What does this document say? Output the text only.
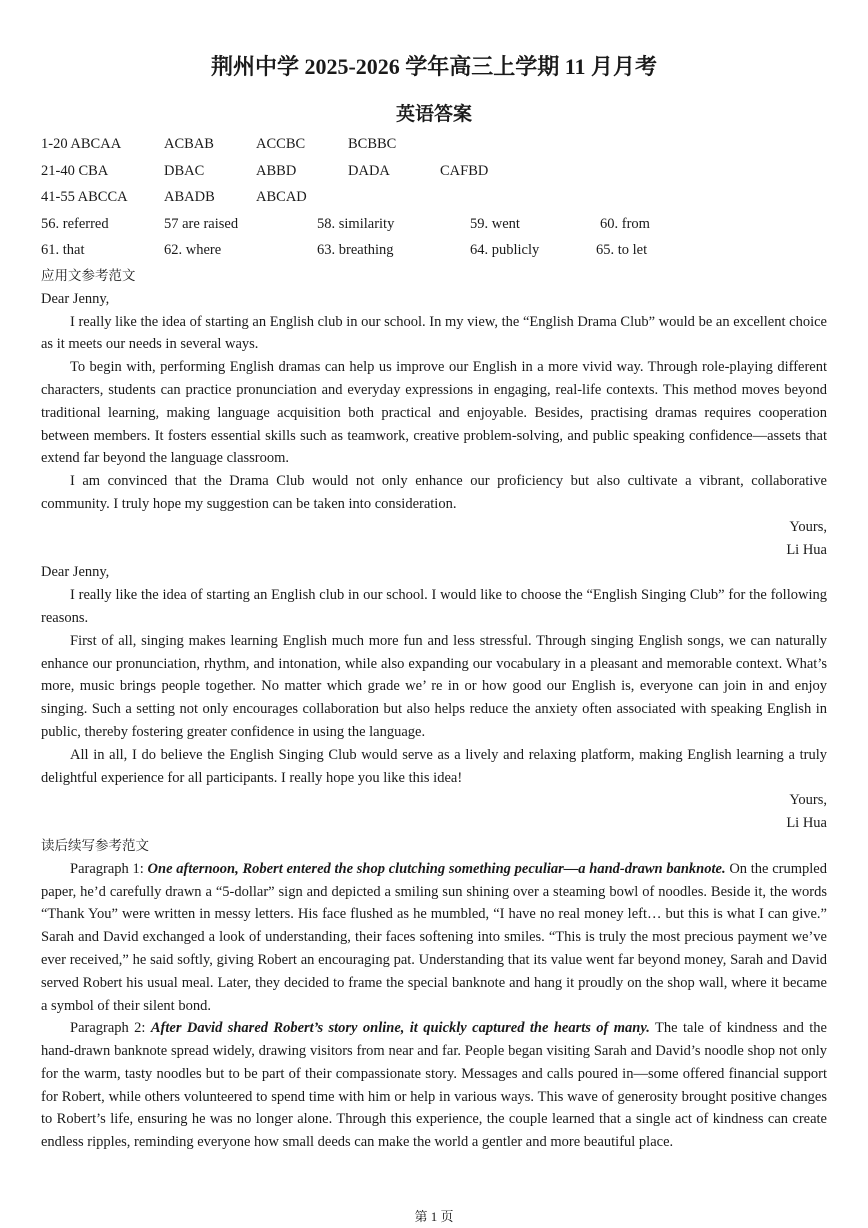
荆州中学 2025-2026 学年高三上学期 11 月月考
英语答案
1-20 ABCAA	ACBAB	ACCBC	BCBBC
21-40 CBA	DBAC	ABBD	DADA	CAFBD
41-55 ABCCA	ABADB	ABCAD
56. referred	57 are raised	58. similarity	59. went	60. from
61. that	62. where	63. breathing	64. publicly	65. to let
应用文参考范文

Dear Jenny,

I really like the idea of starting an English club in our school. In my view, the “English Drama Club” would be an excellent choice as it meets our needs in several ways.

To begin with, performing English dramas can help us improve our English in a more vivid way. Through role-playing different characters, students can practice pronunciation and everyday expressions in engaging, real-life contexts. This method moves beyond traditional learning, making language acquisition both practical and enjoyable. Besides, practising dramas requires cooperation between members. It fosters essential skills such as teamwork, creative problem-solving, and public speaking confidence—assets that extend far beyond the language classroom.

I am convinced that the Drama Club would not only enhance our proficiency but also cultivate a vibrant, collaborative community. I truly hope my suggestion can be taken into consideration.

Yours,

Li Hua

Dear Jenny,

I really like the idea of starting an English club in our school. I would like to choose the “English Singing Club” for the following reasons.

First of all, singing makes learning English much more fun and less stressful. Through singing English songs, we can naturally enhance our pronunciation, rhythm, and intonation, while also expanding our vocabulary in a pleasant and memorable context. What’s more, music brings people together. No matter which grade we’ re in or how good our English is, everyone can join in and enjoy singing. Such a setting not only encourages collaboration but also helps reduce the anxiety often associated with speaking English in public, thereby fostering greater confidence in using the language.

All in all, I do believe the English Singing Club would serve as a lively and relaxing platform, making English learning a truly delightful experience for all participants. I really hope you like this idea!

Yours,

Li Hua

读后续写参考范文

Paragraph 1: One afternoon, Robert entered the shop clutching something peculiar—a hand-drawn banknote. On the crumpled paper, he’d carefully drawn a “5-dollar” sign and depicted a smiling sun shining over a steaming bowl of noodles. Beside it, the words “Thank You” were written in messy letters. His face flushed as he mumbled, “I have no real money left… but this is what I can give.” Sarah and David exchanged a look of understanding, their faces softening into smiles. “This is truly the most precious payment we’ve ever received,” he said softly, giving Robert an encouraging pat. Understanding that its value went far beyond money, Sarah and David served Robert his usual meal. Later, they decided to frame the special banknote and hang it proudly on the shop wall, where it became a symbol of their silent bond.

Paragraph 2: After David shared Robert’s story online, it quickly captured the hearts of many. The tale of kindness and the hand-drawn banknote spread widely, drawing visitors from near and far. People began visiting Sarah and David’s noodle shop not only for the warm, tasty noodles but to be part of their compassionate story. Messages and calls poured in—some offered financial support for Robert, while others volunteered to spend time with him or help in various ways. This wave of generosity brought positive changes to Robert’s life, ensuring he was no longer alone. Through this experience, the couple learned that a single act of kindness can create endless ripples, reminding everyone how small deeds can make the world a gentler and more beautiful place.

第 1 页
